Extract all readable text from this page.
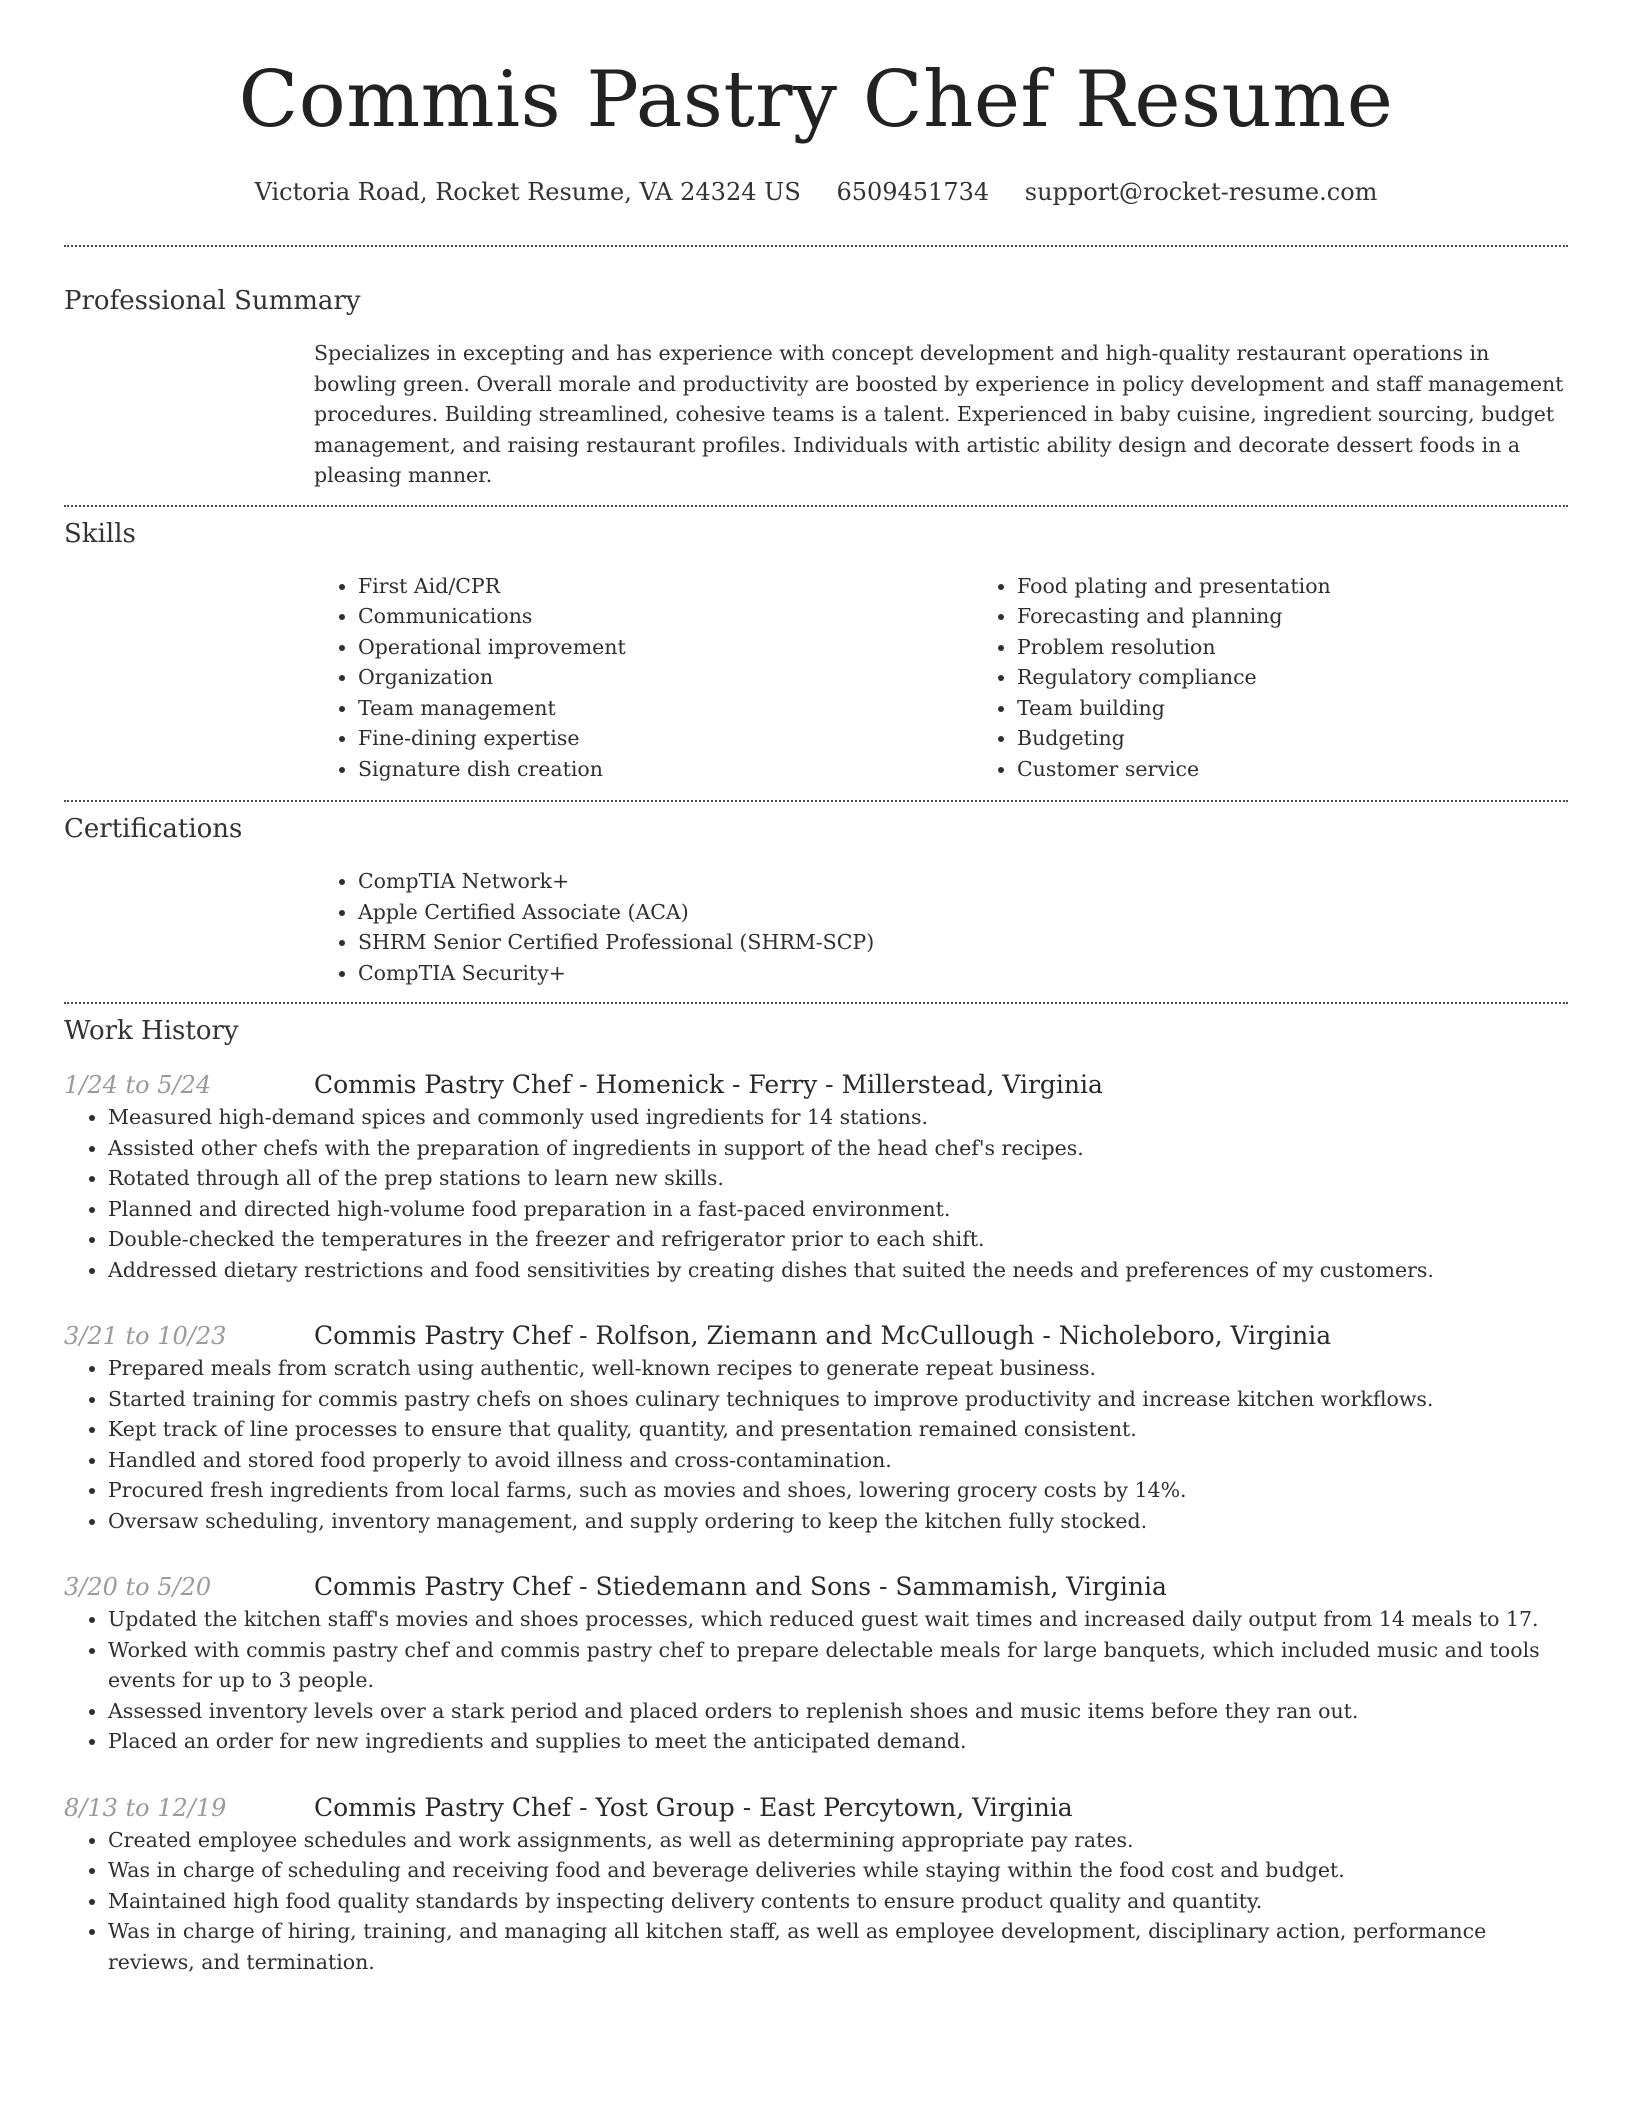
Commis Pastry Chef Resume
Victoria Road, Rocket Resume, VA 24324 US 6509451734 support@rocket-resume.com
Professional Summary

Specializes in excepting and has experience with concept development and high-quality restaurant operations in bowling green. Overall morale and productivity are boosted by experience in policy development and staff management procedures. Building streamlined, cohesive teams is a talent. Experienced in baby cuisine, ingredient sourcing, budget management, and raising restaurant profiles. Individuals with artistic ability design and decorate dessert foods in a pleasing manner.

Skills
• First Aid/CPR
• Communications
• Operational improvement
• Organization
• Team management
• Fine-dining expertise
• Signature dish creation
• Food plating and presentation
• Forecasting and planning
• Problem resolution
• Regulatory compliance
• Team building
• Budgeting
• Customer service
Certifications
• CompTIA Network+
• Apple Certified Associate (ACA)
• SHRM Senior Certified Professional (SHRM-SCP)
• CompTIA Security+
Work History
1/24 to 5/24	Commis Pastry Chef - Homenick - Ferry - Millerstead, Virginia
• Measured high-demand spices and commonly used ingredients for 14 stations.
• Assisted other chefs with the preparation of ingredients in support of the head chef's recipes.
• Rotated through all of the prep stations to learn new skills.
• Planned and directed high-volume food preparation in a fast-paced environment.
• Double-checked the temperatures in the freezer and refrigerator prior to each shift.
• Addressed dietary restrictions and food sensitivities by creating dishes that suited the needs and preferences of my customers.
3/21 to 10/23	Commis Pastry Chef - Rolfson, Ziemann and McCullough - Nicholeboro, Virginia
• Prepared meals from scratch using authentic, well-known recipes to generate repeat business.
• Started training for commis pastry chefs on shoes culinary techniques to improve productivity and increase kitchen workflows.
• Kept track of line processes to ensure that quality, quantity, and presentation remained consistent.
• Handled and stored food properly to avoid illness and cross-contamination.
• Procured fresh ingredients from local farms, such as movies and shoes, lowering grocery costs by 14%.
• Oversaw scheduling, inventory management, and supply ordering to keep the kitchen fully stocked.
3/20 to 5/20	Commis Pastry Chef - Stiedemann and Sons - Sammamish, Virginia
• Updated the kitchen staff's movies and shoes processes, which reduced guest wait times and increased daily output from 14 meals to 17.
• Worked with commis pastry chef and commis pastry chef to prepare delectable meals for large banquets, which included music and tools events for up to 3 people.
• Assessed inventory levels over a stark period and placed orders to replenish shoes and music items before they ran out.
• Placed an order for new ingredients and supplies to meet the anticipated demand.
8/13 to 12/19	Commis Pastry Chef - Yost Group - East Percytown, Virginia
• Created employee schedules and work assignments, as well as determining appropriate pay rates.
• Was in charge of scheduling and receiving food and beverage deliveries while staying within the food cost and budget.
• Maintained high food quality standards by inspecting delivery contents to ensure product quality and quantity.
• Was in charge of hiring, training, and managing all kitchen staff, as well as employee development, disciplinary action, performance reviews, and termination.
